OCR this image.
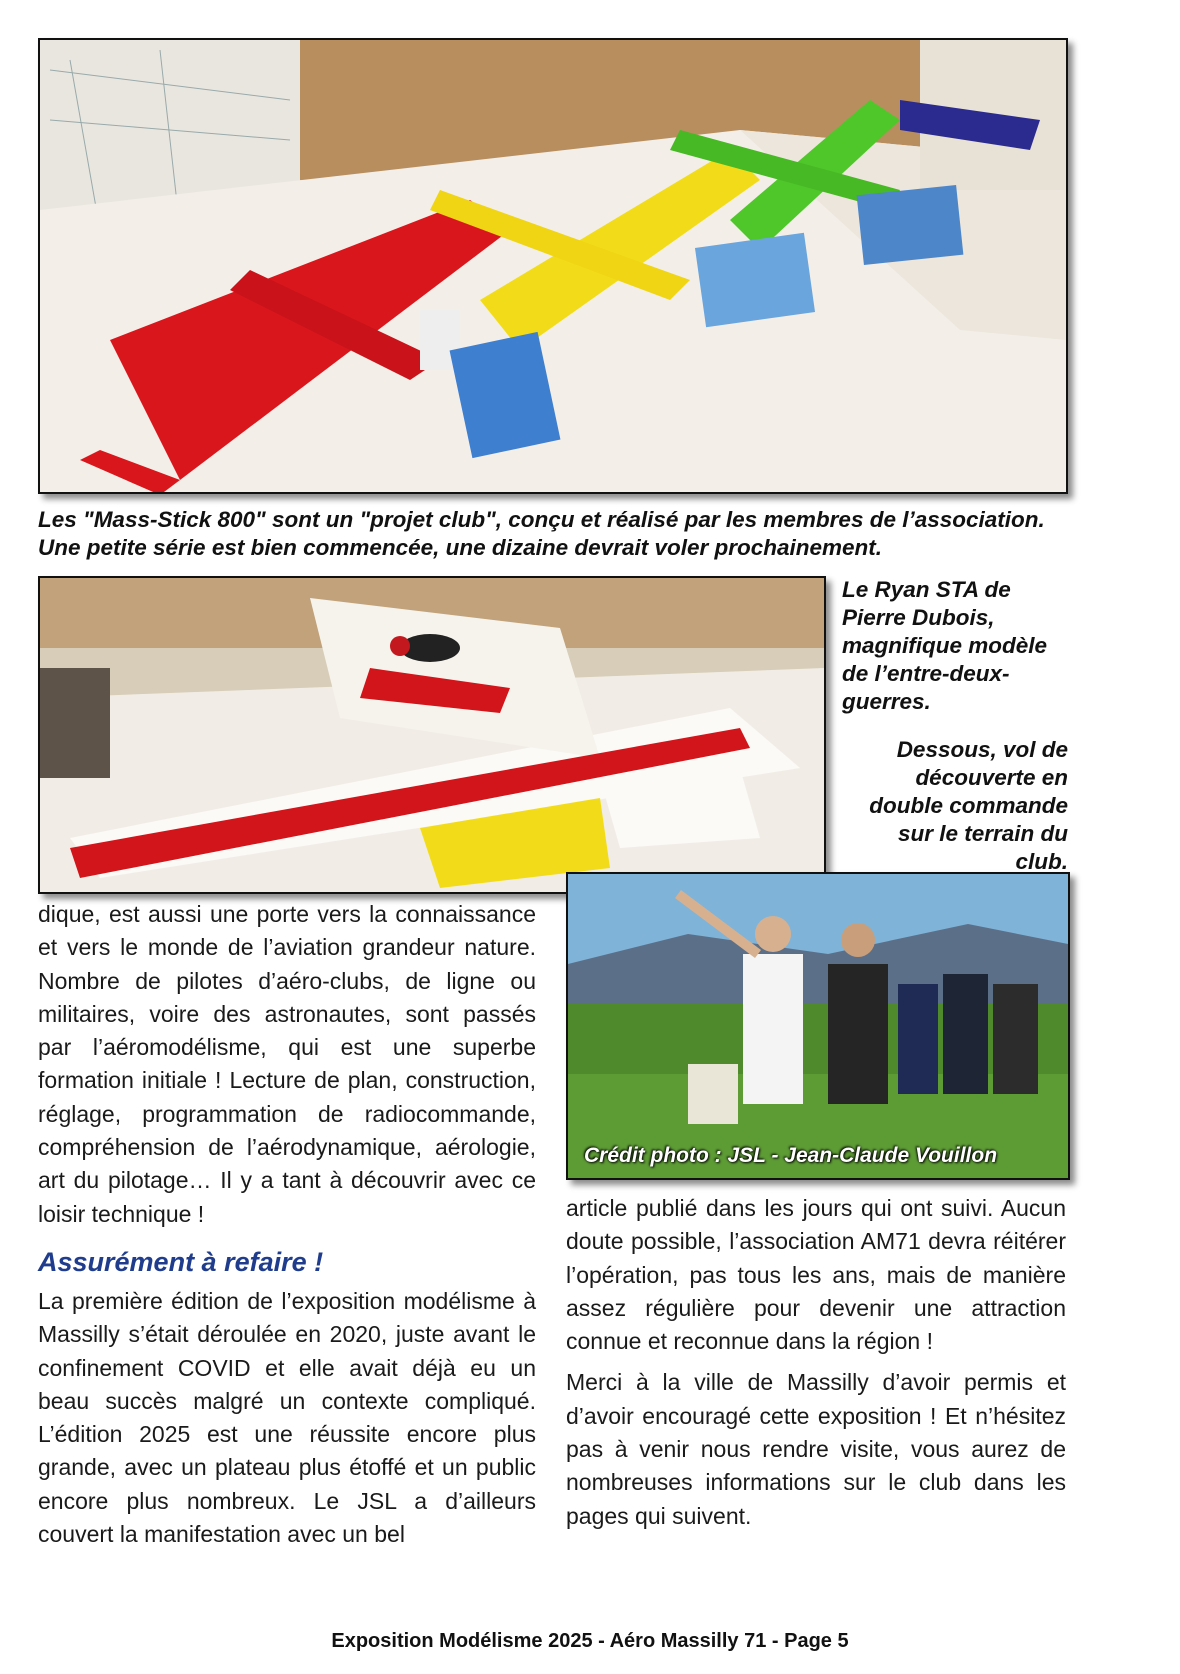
Les "Mass-Stick 800" sont un "projet club", conçu et réalisé par les membres de l’association.
Une petite série est bien commencée, une dizaine devrait voler prochainement.
Le Ryan STA de Pierre Dubois, magnifique modèle de l’entre-deux-guerres.
Dessous, vol de découverte en double commande sur le terrain du club.
Crédit photo : JSL - Jean-Claude Vouillon

dique, est aussi une porte vers la connaissance et vers le monde de l’aviation grandeur nature. Nombre de pilotes d’aéro-clubs, de ligne ou militaires, voire des astronautes, sont passés par l’aéromodélisme, qui est une superbe formation initiale ! Lecture de plan, construction, réglage, programmation de radiocommande, compréhension de l’aérodynamique, aérologie, art du pilotage… Il y a tant à découvrir avec ce loisir technique !

Assurément à refaire !

La première édition de l’exposition modélisme à Massilly s’était déroulée en 2020, juste avant le confinement COVID et elle avait déjà eu un beau succès malgré un contexte compliqué. L’édition 2025 est une réussite encore plus grande, avec un plateau plus étoffé et un public encore plus nombreux. Le JSL a d’ailleurs couvert la manifestation avec un bel

article publié dans les jours qui ont suivi. Aucun doute possible, l’association AM71 devra réitérer l’opération, pas tous les ans, mais de manière assez régulière pour devenir une attraction connue et reconnue dans la région !

Merci à la ville de Massilly d’avoir permis et d’avoir encouragé cette exposition ! Et n’hésitez pas à venir nous rendre visite, vous aurez de nombreuses informations sur le club dans les pages qui suivent.

Exposition Modélisme 2025 - Aéro Massilly 71 - Page 5
